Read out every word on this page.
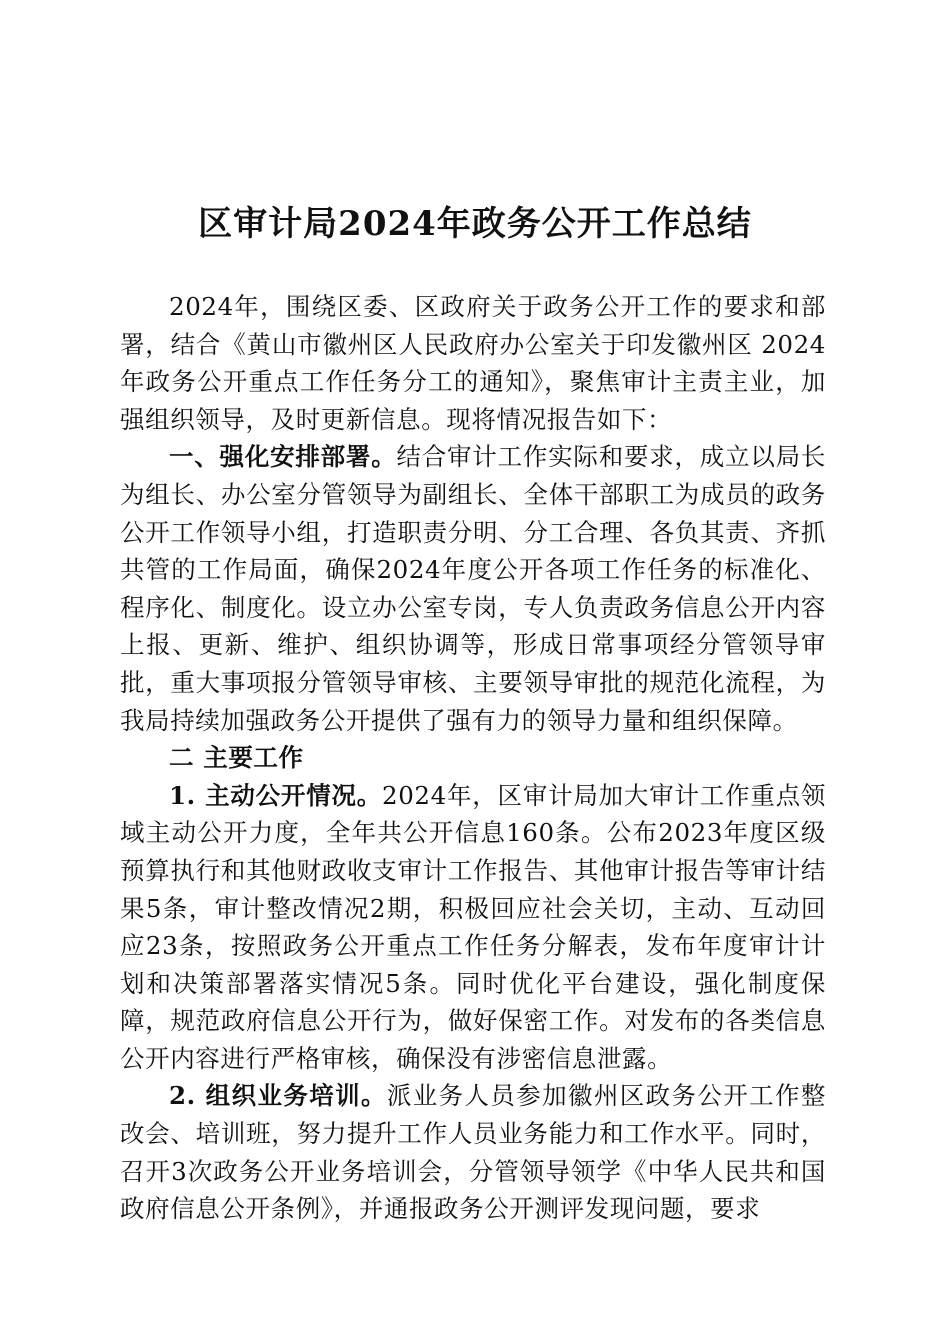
区审计局2024年政务公开工作总结

2024年，围绕区委、区政府关于政务公开工作的要求和部署，结合《黄山市徽州区人民政府办公室关于印发徽州区 2024年政务公开重点工作任务分工的通知》，聚焦审计主责主业，加强组织领导，及时更新信息。现将情况报告如下：

一、强化安排部署。结合审计工作实际和要求，成立以局长为组长、办公室分管领导为副组长、全体干部职工为成员的政务公开工作领导小组，打造职责分明、分工合理、各负其责、齐抓共管的工作局面，确保2024年度公开各项工作任务的标准化、程序化、制度化。设立办公室专岗，专人负责政务信息公开内容上报、更新、维护、组织协调等，形成日常事项经分管领导审批，重大事项报分管领导审核、主要领导审批的规范化流程，为我局持续加强政务公开提供了强有力的领导力量和组织保障。

二 主要工作

1. 主动公开情况。2024年，区审计局加大审计工作重点领域主动公开力度，全年共公开信息160条。公布2023年度区级预算执行和其他财政收支审计工作报告、其他审计报告等审计结果5条，审计整改情况2期，积极回应社会关切，主动、互动回应23条，按照政务公开重点工作任务分解表，发布年度审计计划和决策部署落实情况5条。同时优化平台建设，强化制度保障，规范政府信息公开行为，做好保密工作。对发布的各类信息公开内容进行严格审核，确保没有涉密信息泄露。

2. 组织业务培训。派业务人员参加徽州区政务公开工作整改会、培训班，努力提升工作人员业务能力和工作水平。同时，召开3次政务公开业务培训会，分管领导领学《中华人民共和国政府信息公开条例》，并通报政务公开测评发现问题，要求
